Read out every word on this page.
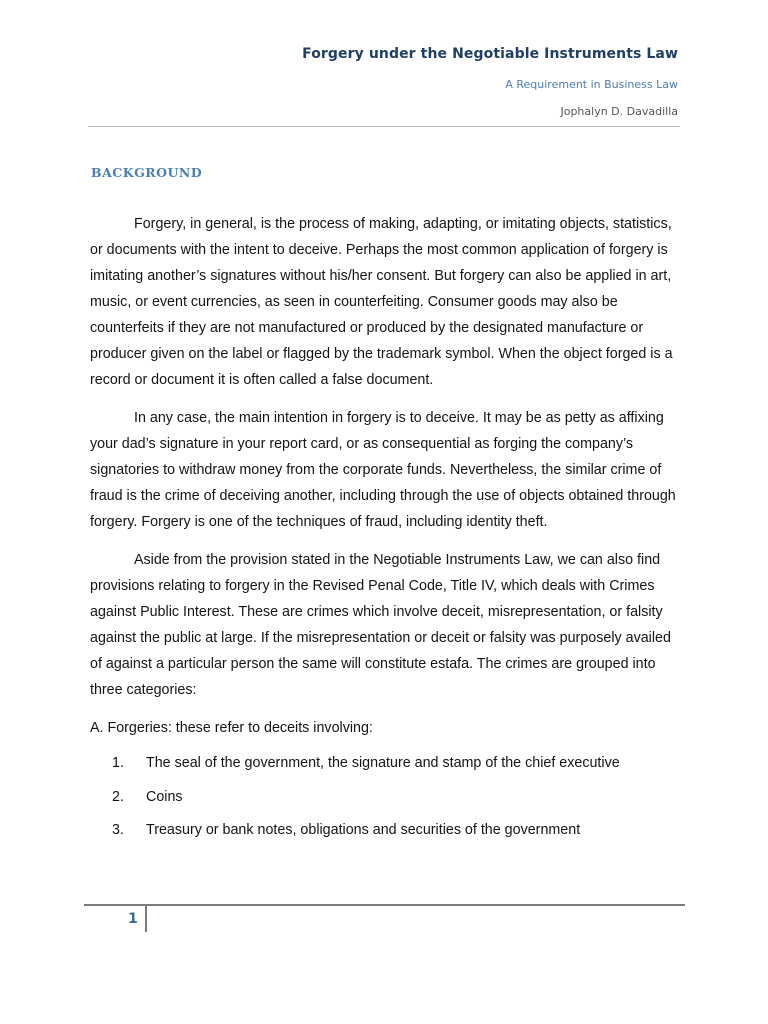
Forgery under the Negotiable Instruments Law
A Requirement in Business Law
Jophalyn D. Davadilla
BACKGROUND

Forgery, in general, is the process of making, adapting, or imitating objects, statistics, or documents with the intent to deceive. Perhaps the most common application of forgery is imitating another’s signatures without his/her consent. But forgery can also be applied in art, music, or event currencies, as seen in counterfeiting. Consumer goods may also be counterfeits if they are not manufactured or produced by the designated manufacture or producer given on the label or flagged by the trademark symbol. When the object forged is a record or document it is often called a false document.

In any case, the main intention in forgery is to deceive. It may be as petty as affixing your dad’s signature in your report card, or as consequential as forging the company’s signatories to withdraw money from the corporate funds. Nevertheless, the similar crime of fraud is the crime of deceiving another, including through the use of objects obtained through forgery. Forgery is one of the techniques of fraud, including identity theft.

Aside from the provision stated in the Negotiable Instruments Law, we can also find provisions relating to forgery in the Revised Penal Code, Title IV, which deals with Crimes against Public Interest. These are crimes which involve deceit, misrepresentation, or falsity against the public at large. If the misrepresentation or deceit or falsity was purposely availed of against a particular person the same will constitute estafa. The crimes are grouped into three categories:

A. Forgeries: these refer to deceits involving:

1. The seal of the government, the signature and stamp of the chief executive
2. Coins
3. Treasury or bank notes, obligations and securities of the government
1
